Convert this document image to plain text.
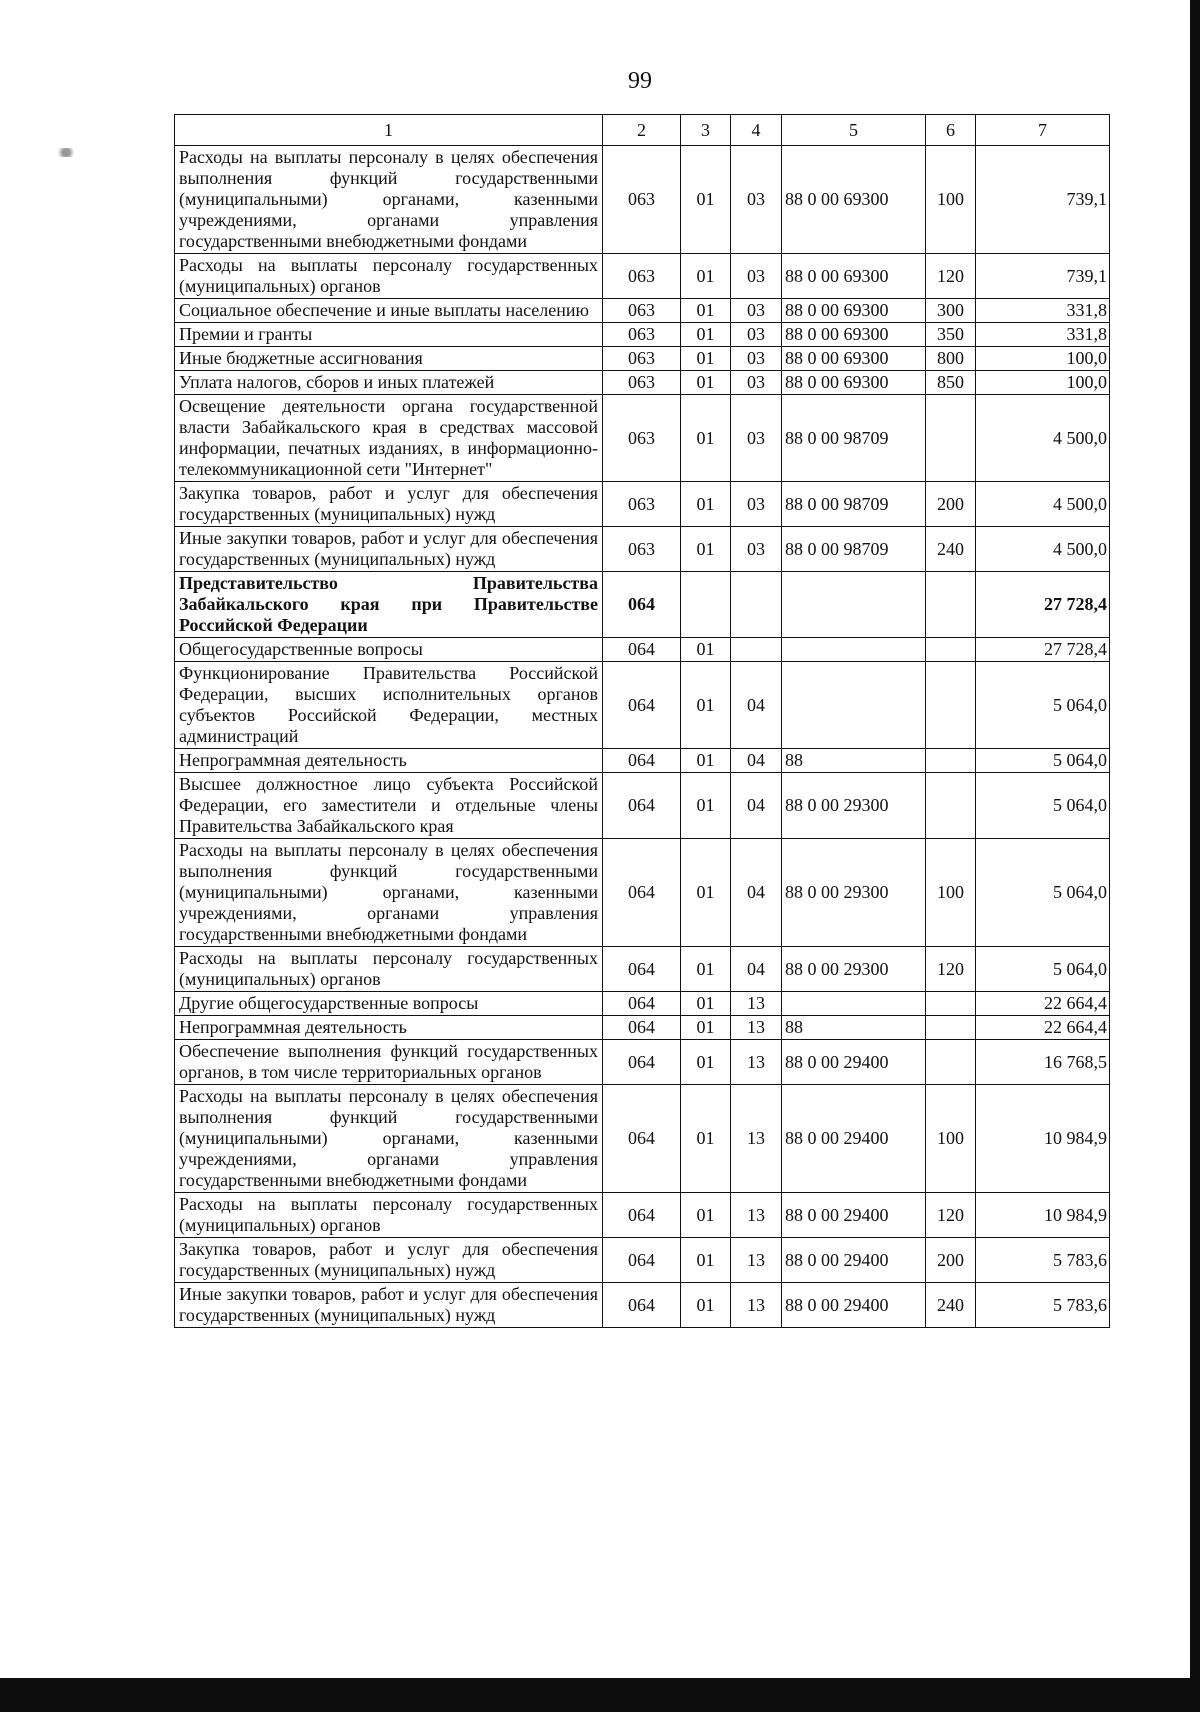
99
1	2	3	4	5	6	7
Расходы на выплаты персоналу в целях обеспечения выполнения функций государственными (муниципальными) органами, казенными учреждениями, органами управления государственными внебюджетными фондами	063	01	03	88 0 00 69300	100	739,1
Расходы на выплаты персоналу государственных (муниципальных) органов	063	01	03	88 0 00 69300	120	739,1
Социальное обеспечение и иные выплаты населению	063	01	03	88 0 00 69300	300	331,8
Премии и гранты	063	01	03	88 0 00 69300	350	331,8
Иные бюджетные ассигнования	063	01	03	88 0 00 69300	800	100,0
Уплата налогов, сборов и иных платежей	063	01	03	88 0 00 69300	850	100,0
Освещение деятельности органа государственной власти Забайкальского края в средствах массовой информации, печатных изданиях, в информационно-телекоммуникационной сети "Интернет"	063	01	03	88 0 00 98709		4 500,0
Закупка товаров, работ и услуг для обеспечения государственных (муниципальных) нужд	063	01	03	88 0 00 98709	200	4 500,0
Иные закупки товаров, работ и услуг для обеспечения государственных (муниципальных) нужд	063	01	03	88 0 00 98709	240	4 500,0
Представительство Правительства Забайкальского края при Правительстве Российской Федерации	064					27 728,4
Общегосударственные вопросы	064	01				27 728,4
Функционирование Правительства Российской Федерации, высших исполнительных органов субъектов Российской Федерации, местных администраций	064	01	04			5 064,0
Непрограммная деятельность	064	01	04	88		5 064,0
Высшее должностное лицо субъекта Российской Федерации, его заместители и отдельные члены Правительства Забайкальского края	064	01	04	88 0 00 29300		5 064,0
Расходы на выплаты персоналу в целях обеспечения выполнения функций государственными (муниципальными) органами, казенными учреждениями, органами управления государственными внебюджетными фондами	064	01	04	88 0 00 29300	100	5 064,0
Расходы на выплаты персоналу государственных (муниципальных) органов	064	01	04	88 0 00 29300	120	5 064,0
Другие общегосударственные вопросы	064	01	13			22 664,4
Непрограммная деятельность	064	01	13	88		22 664,4
Обеспечение выполнения функций государственных органов, в том числе территориальных органов	064	01	13	88 0 00 29400		16 768,5
Расходы на выплаты персоналу в целях обеспечения выполнения функций государственными (муниципальными) органами, казенными учреждениями, органами управления государственными внебюджетными фондами	064	01	13	88 0 00 29400	100	10 984,9
Расходы на выплаты персоналу государственных (муниципальных) органов	064	01	13	88 0 00 29400	120	10 984,9
Закупка товаров, работ и услуг для обеспечения государственных (муниципальных) нужд	064	01	13	88 0 00 29400	200	5 783,6
Иные закупки товаров, работ и услуг для обеспечения государственных (муниципальных) нужд	064	01	13	88 0 00 29400	240	5 783,6
